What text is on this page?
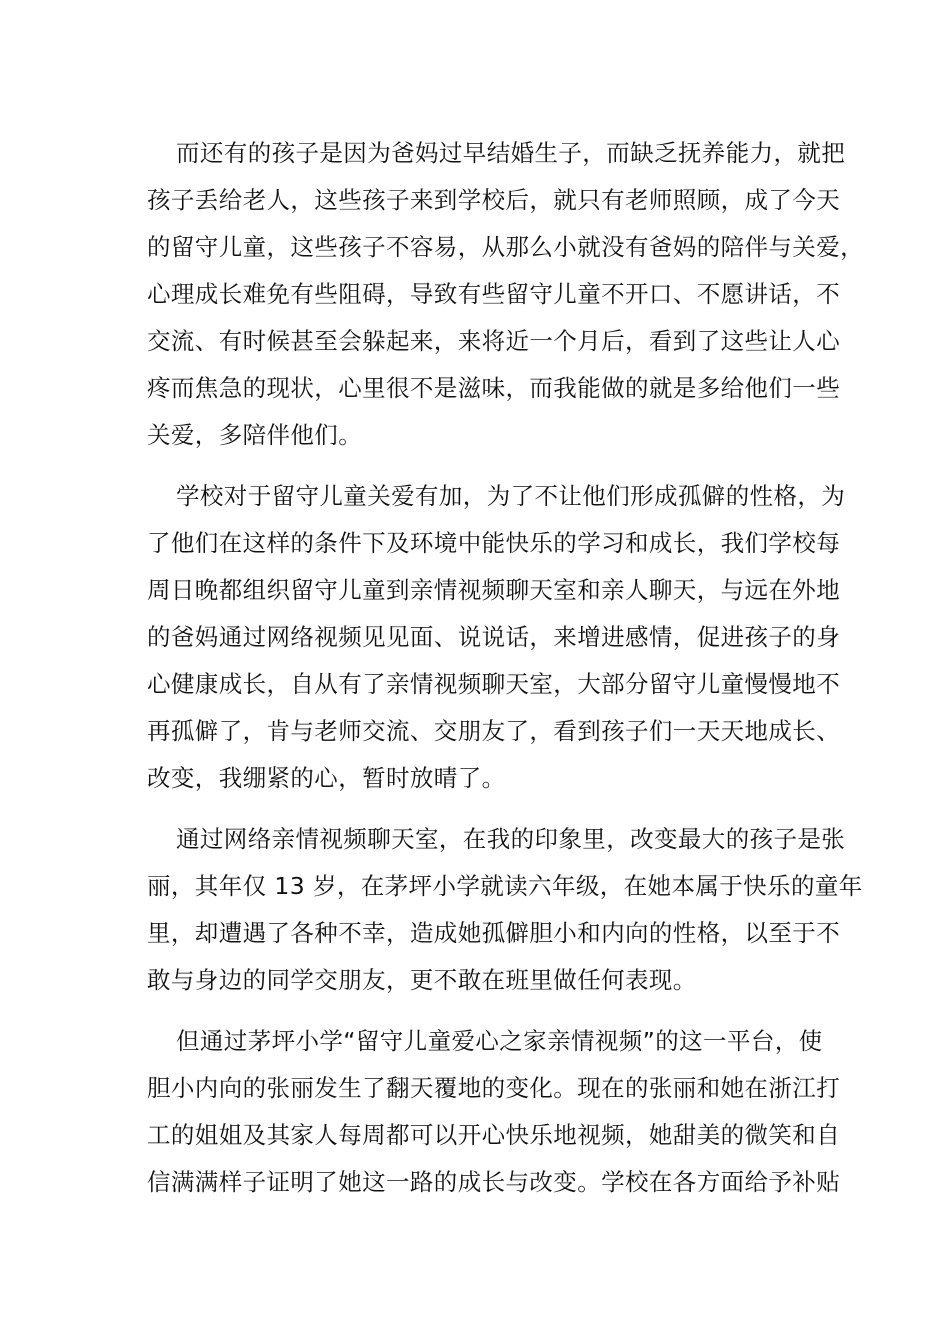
而还有的孩子是因为爸妈过早结婚生子，而缺乏抚养能力，就把
孩子丢给老人，这些孩子来到学校后，就只有老师照顾，成了今天
的留守儿童，这些孩子不容易，从那么小就没有爸妈的陪伴与关爱，
心理成长难免有些阻碍，导致有些留守儿童不开口、不愿讲话，不
交流、有时候甚至会躲起来，来将近一个月后，看到了这些让人心
疼而焦急的现状，心里很不是滋味，而我能做的就是多给他们一些
关爱，多陪伴他们。
学校对于留守儿童关爱有加，为了不让他们形成孤僻的性格，为
了他们在这样的条件下及环境中能快乐的学习和成长，我们学校每
周日晚都组织留守儿童到亲情视频聊天室和亲人聊天，与远在外地
的爸妈通过网络视频见见面、说说话，来增进感情，促进孩子的身
心健康成长，自从有了亲情视频聊天室，大部分留守儿童慢慢地不
再孤僻了，肯与老师交流、交朋友了，看到孩子们一天天地成长、
改变，我绷紧的心，暂时放晴了。
通过网络亲情视频聊天室，在我的印象里，改变最大的孩子是张
丽，其年仅 13 岁，在茅坪小学就读六年级，在她本属于快乐的童年
里，却遭遇了各种不幸，造成她孤僻胆小和内向的性格，以至于不
敢与身边的同学交朋友，更不敢在班里做任何表现。
但通过茅坪小学“留守儿童爱心之家亲情视频”的这一平台，使
胆小内向的张丽发生了翻天覆地的变化。现在的张丽和她在浙江打
工的姐姐及其家人每周都可以开心快乐地视频，她甜美的微笑和自
信满满样子证明了她这一路的成长与改变。学校在各方面给予补贴
